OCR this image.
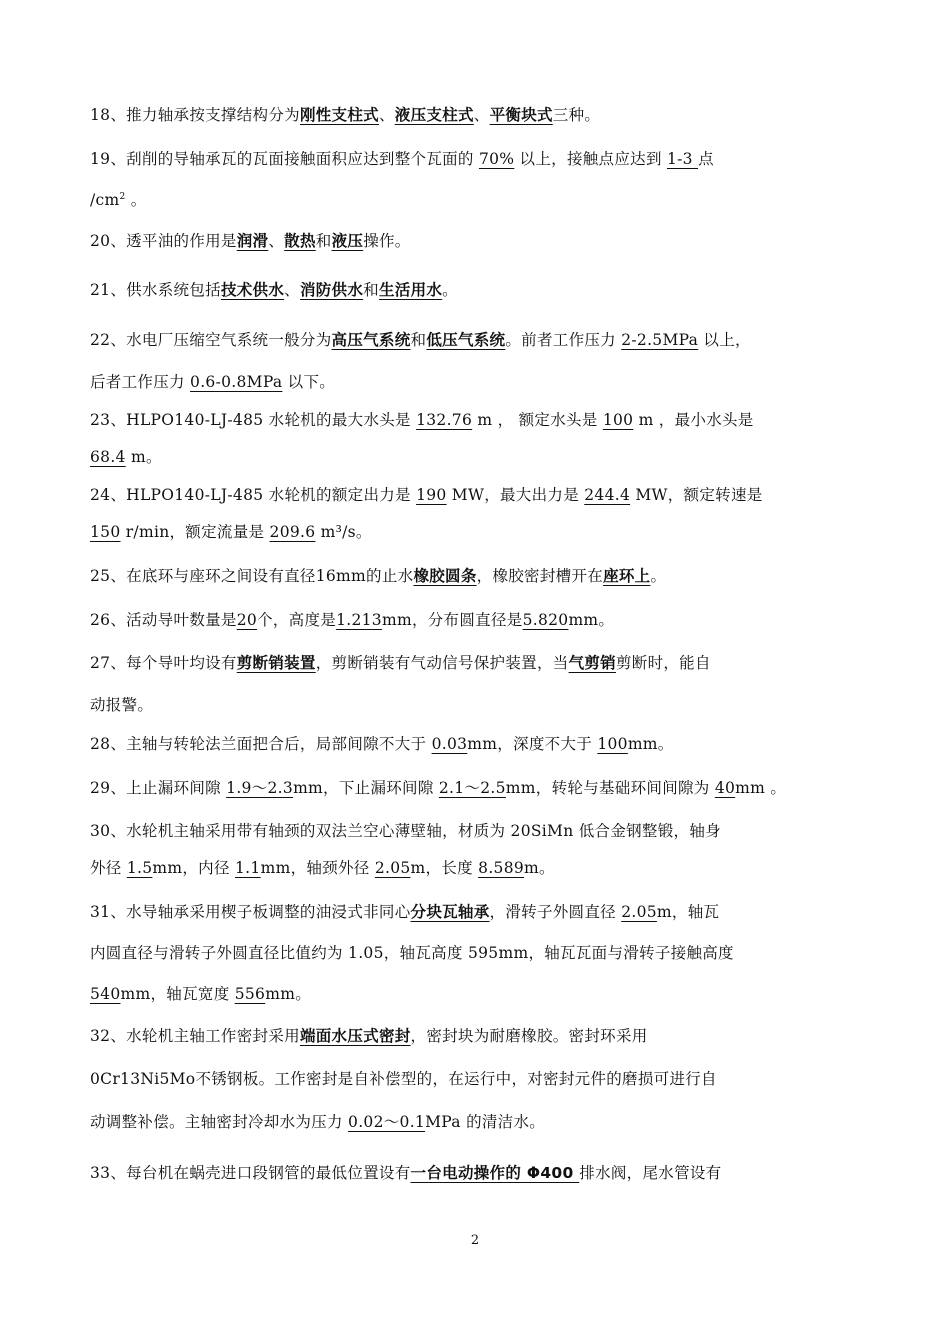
18、推力轴承按支撑结构分为刚性支柱式、液压支柱式、平衡块式三种。
19、刮削的导轴承瓦的瓦面接触面积应达到整个瓦面的 70% 以上，接触点应达到 1-3 点
$/cm^2$ 。
20、透平油的作用是润滑、散热和液压操作。
21、供水系统包括技术供水、消防供水和生活用水。
22、水电厂压缩空气系统一般分为高压气系统和低压气系统。前者工作压力 2-2.5MPa 以上，
后者工作压力 0.6-0.8MPa 以下。
23、HLPO140-LJ-485 水轮机的最大水头是 132.76 m ， 额定水头是 100 m ，最小水头是
68.4 m。
24、HLPO140-LJ-485 水轮机的额定出力是 190 MW，最大出力是 244.4 MW，额定转速是
150 r/min，额定流量是 209.6 m³/s。
25、在底环与座环之间设有直径16mm的止水橡胶圆条，橡胶密封槽开在座环上。
26、活动导叶数量是20个，高度是1.213mm，分布圆直径是5.820mm。
27、每个导叶均设有剪断销装置，剪断销装有气动信号保护装置，当气剪销剪断时，能自
动报警。
28、主轴与转轮法兰面把合后，局部间隙不大于 0.03mm，深度不大于 100mm。
29、上止漏环间隙 1.9～2.3mm，下止漏环间隙 2.1～2.5mm，转轮与基础环间间隙为 40mm 。
30、水轮机主轴采用带有轴颈的双法兰空心薄壁轴，材质为 20SiMn 低合金钢整锻，轴身
外径 1.5mm，内径 1.1mm，轴颈外径 2.05m，长度 8.589m。
31、水导轴承采用楔子板调整的油浸式非同心分块瓦轴承，滑转子外圆直径 2.05m，轴瓦
内圆直径与滑转子外圆直径比值约为 1.05，轴瓦高度 595mm，轴瓦瓦面与滑转子接触高度
540mm，轴瓦宽度 556mm。
32、水轮机主轴工作密封采用端面水压式密封，密封块为耐磨橡胶。密封环采用
0Cr13Ni5Mo不锈钢板。工作密封是自补偿型的，在运行中，对密封元件的磨损可进行自
动调整补偿。主轴密封冷却水为压力 0.02～0.1MPa 的清洁水。
33、每台机在蜗壳进口段钢管的最低位置设有一台电动操作的 Φ400 排水阀，尾水管设有
2
